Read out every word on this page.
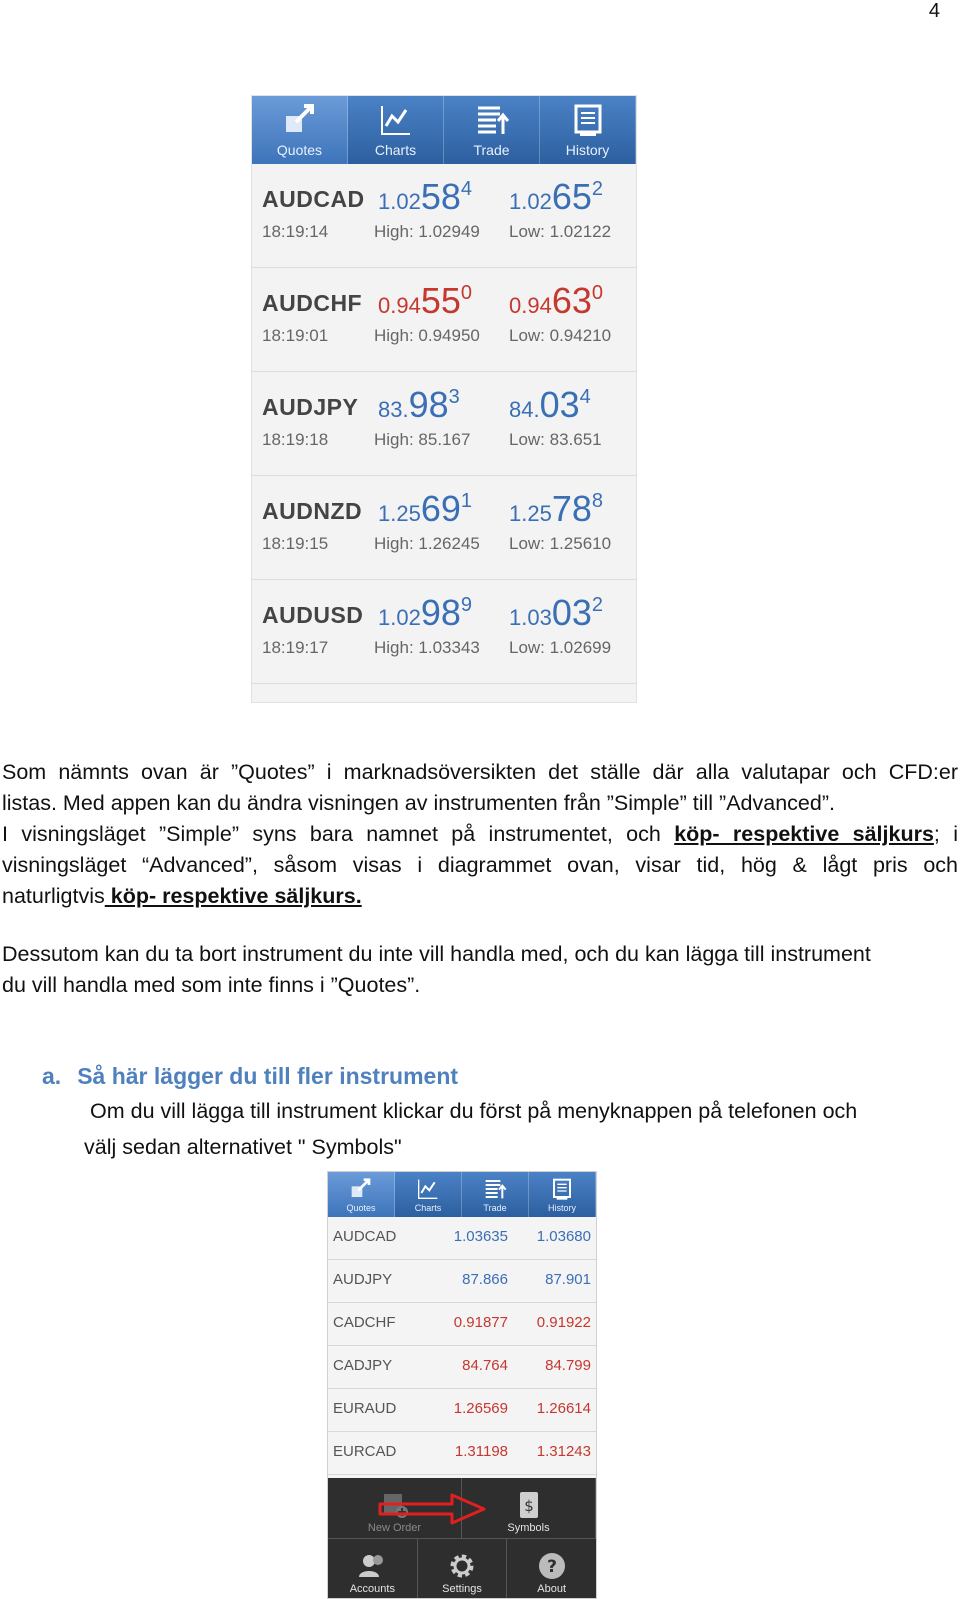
4
Quotes	Charts	Trade	History
AUDCAD
18:19:14
1.02584 1.02652
High: 1.02949 Low: 1.02122
AUDCHF
18:19:01
0.94550 0.94630
High: 0.94950 Low: 0.94210
AUDJPY
18:19:18
83.983 84.034
High: 85.167 Low: 83.651
AUDNZD
18:19:15
1.25691 1.25788
High: 1.26245 Low: 1.25610
AUDUSD
18:19:17
1.02989 1.03032
High: 1.03343 Low: 1.02699
Som nämnts ovan är ”Quotes” i marknadsöversikten det ställe där alla valutapar och CFD:er
listas. Med appen kan du ändra visningen av instrumenten från ”Simple” till ”Advanced”.
I visningsläget ”Simple” syns bara namnet på instrumentet, och köp- respektive säljkurs; i
visningsläget “Advanced”, såsom visas i diagrammet ovan, visar tid, hög & lågt pris och
naturligtvis köp- respektive säljkurs.
Dessutom kan du ta bort instrument du inte vill handla med, och du kan lägga till instrument
du vill handla med som inte finns i ”Quotes”.
a. Så här lägger du till fler instrument
Om du vill lägga till instrument klickar du först på menyknappen på telefonen och
välj sedan alternativet " Symbols"
Quotes	Charts	Trade	History
AUDCAD	1.03635 1.03680
AUDJPY	87.866 87.901
CADCHF	0.91877 0.91922
CADJPY	84.764 84.799
EURAUD	1.26569 1.26614
EURCAD	1.31198 1.31243
New Order
$
Symbols
Accounts	Settings
?
About
